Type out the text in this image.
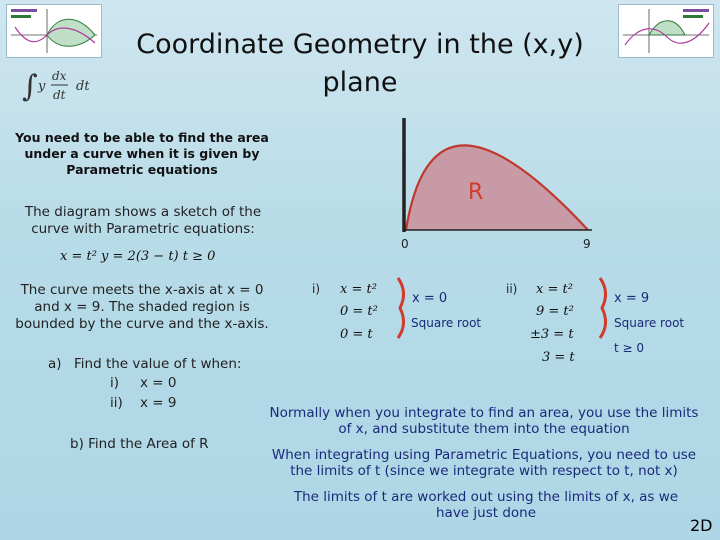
Coordinate Geometry in the (x,y) plane
∫ y
dx
dt
dt
You need to be able to find the area under a curve when it is given by Parametric equations
The diagram shows a sketch of the curve with Parametric equations:
x = t² y = 2(3 − t) t ≥ 0
The curve meets the x-axis at x = 0 and x = 9. The shaded region is bounded by the curve and the x-axis.
a) Find the value of t when:
i) x = 0
ii) x = 9
b) Find the Area of R
R
0	9
i) x = t²
0 = t²
0 = t
x = 0
Square root
ii) x = t²
9 = t²
±3 = t
3 = t
x = 9
Square root
t ≥ 0
Normally when you integrate to find an area, you use the limits of x, and substitute them into the equation
When integrating using Parametric Equations, you need to use the limits of t (since we integrate with respect to t, not x)
The limits of t are worked out using the limits of x, as we have just done
2D
